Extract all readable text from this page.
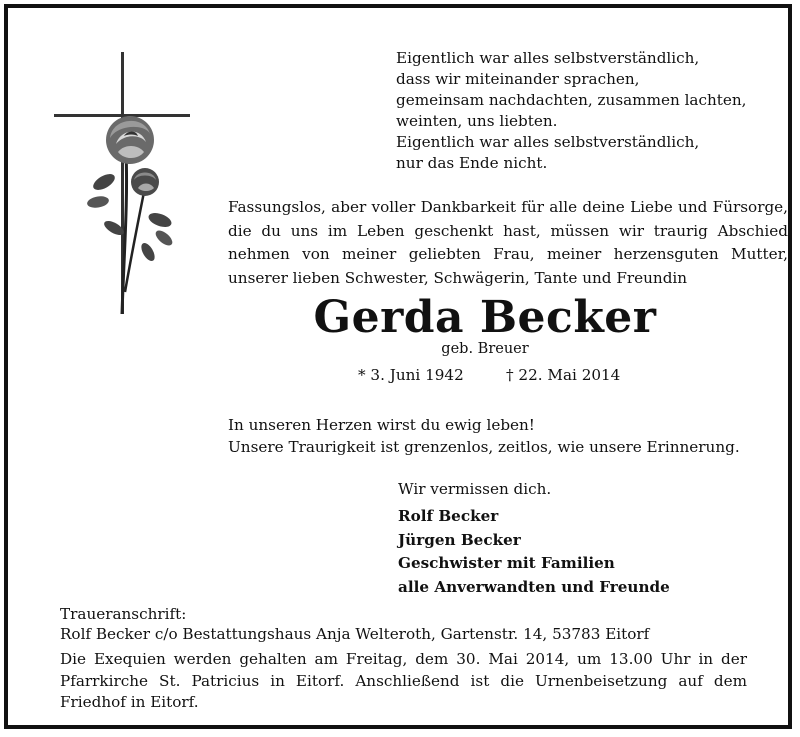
Eigentlich war alles selbstverständlich,
dass wir miteinander sprachen,
gemeinsam nachdachten, zusammen lachten,
weinten, uns liebten.
Eigentlich war alles selbstverständlich,
nur das Ende nicht.

Fassungslos, aber voller Dankbarkeit für alle deine Liebe und Fürsorge, die du uns im Leben geschenkt hast, müssen wir traurig Abschied nehmen von meiner geliebten Frau, meiner herzensguten Mutter, unserer lieben Schwester, Schwägerin, Tante und Freundin

Gerda Becker
geb. Breuer
* 3. Juni 1942	† 22. Mai 2014
In unseren Herzen wirst du ewig leben!
Unsere Traurigkeit ist grenzenlos, zeitlos, wie unsere Erinnerung.
Wir vermissen dich.
Rolf Becker
Jürgen Becker
Geschwister mit Familien
alle Anverwandten und Freunde
Traueranschrift:
Rolf Becker c/o Bestattungshaus Anja Welteroth, Gartenstr. 14, 53783 Eitorf

Die Exequien werden gehalten am Freitag, dem 30. Mai 2014, um 13.00 Uhr in der Pfarrkirche St. Patricius in Eitorf. Anschließend ist die Urnenbeisetzung auf dem Friedhof in Eitorf.
